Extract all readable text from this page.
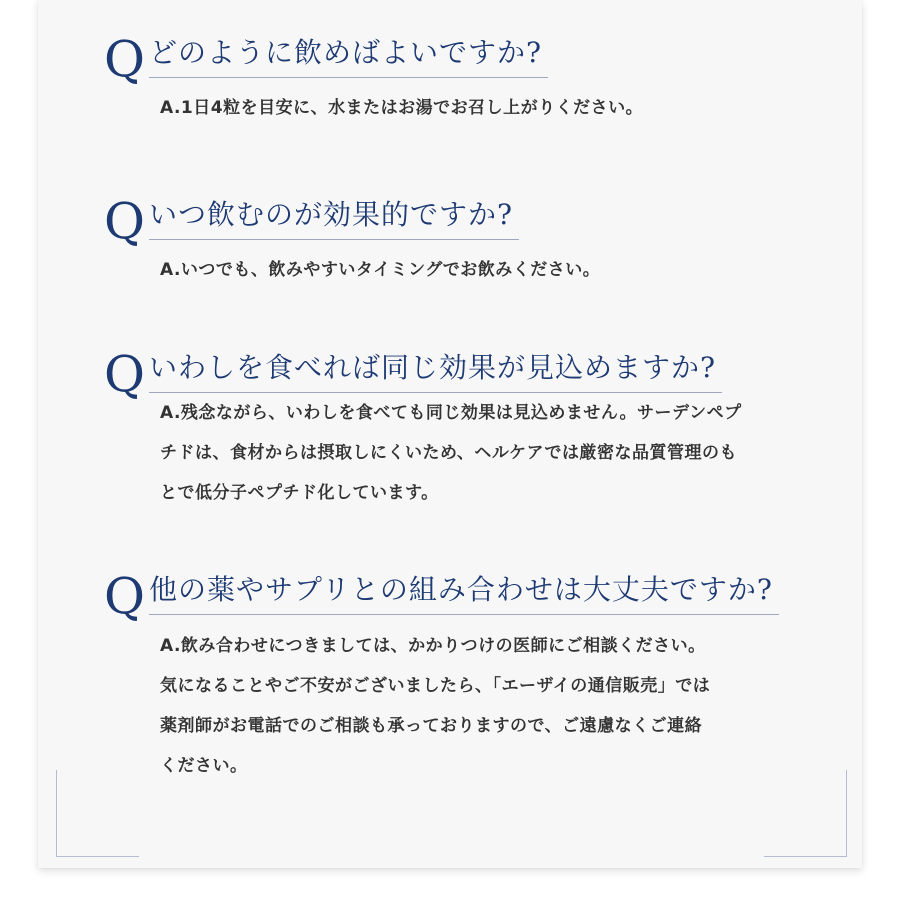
Q どのように飲めばよいですか?
A.1日4粒を目安に、水またはお湯でお召し上がりください。
Q いつ飲むのが効果的ですか?
A.いつでも、飲みやすいタイミングでお飲みください。
Q いわしを食べれば同じ効果が見込めますか?
A.残念ながら、いわしを食べても同じ効果は見込めません。サーデンペプ
チドは、食材からは摂取しにくいため、ヘルケアでは厳密な品質管理のも
とで低分子ペプチド化しています。
Q 他の薬やサプリとの組み合わせは大丈夫ですか?
A.飲み合わせにつきましては、かかりつけの医師にご相談ください。
気になることやご不安がございましたら、「エーザイの通信販売」では
薬剤師がお電話でのご相談も承っておりますので、ご遠慮なくご連絡
ください。
